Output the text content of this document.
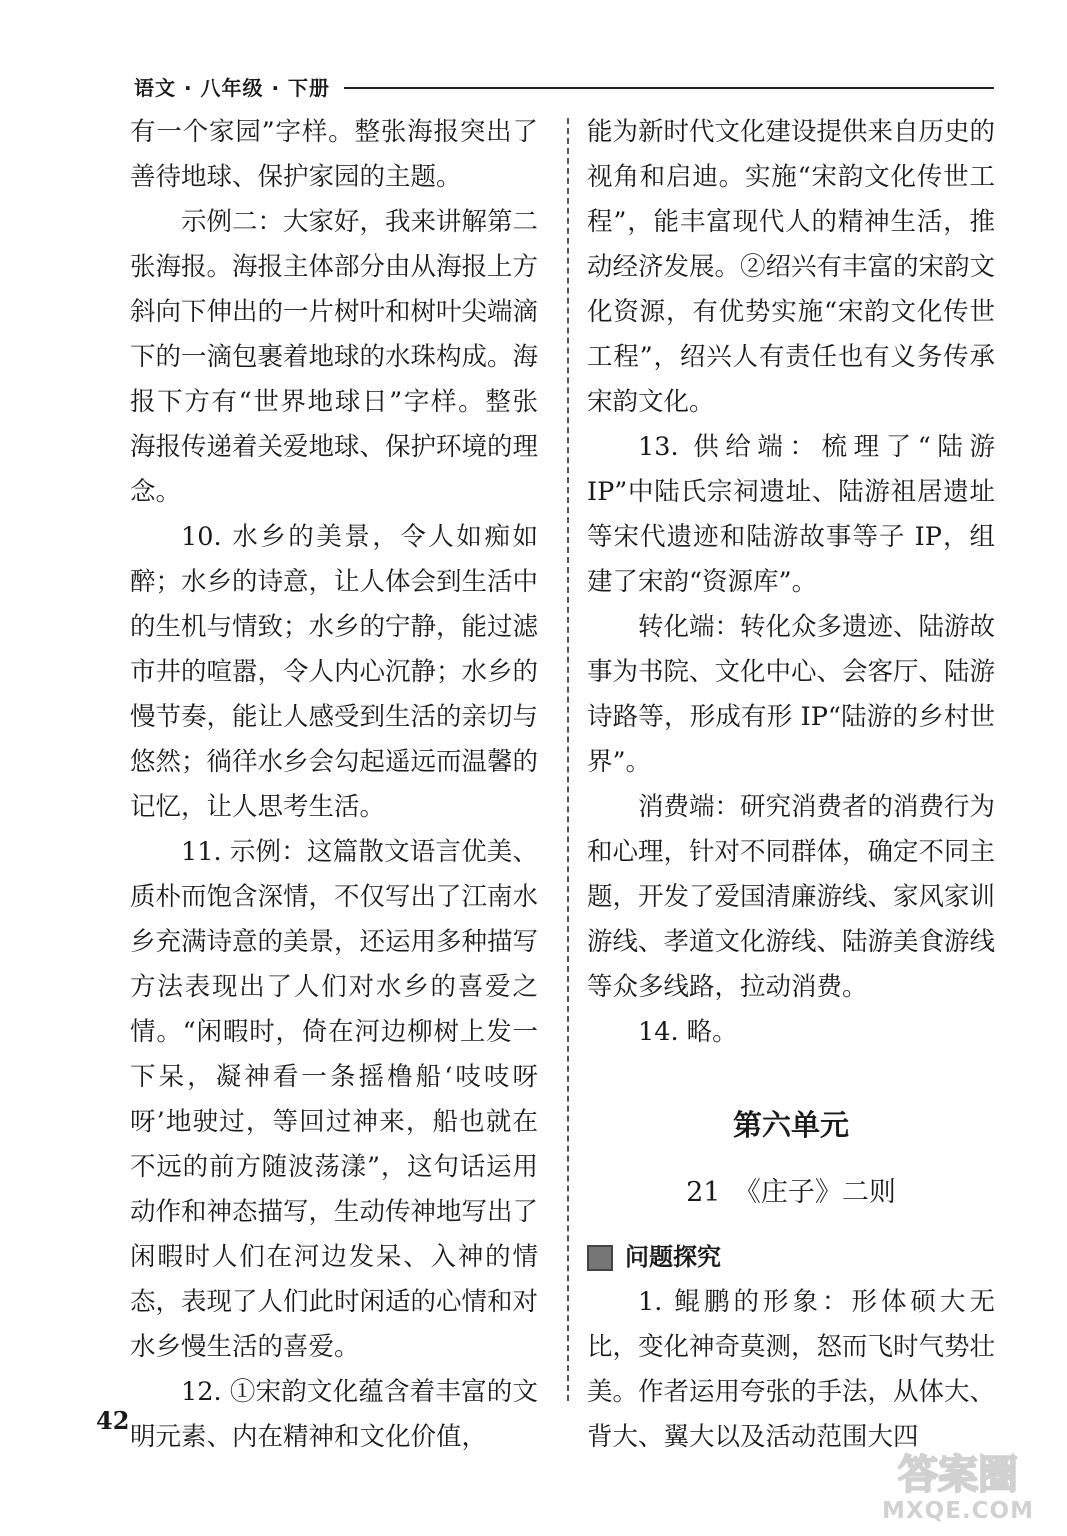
语文 · 八年级 · 下册

有一个家园”字样。整张海报突出了善待地球、保护家园的主题。

示例二：大家好，我来讲解第二张海报。海报主体部分由从海报上方斜向下伸出的一片树叶和树叶尖端滴下的一滴包裹着地球的水珠构成。海报下方有“世界地球日”字样。整张海报传递着关爱地球、保护环境的理念。

10. 水乡的美景，令人如痴如醉；水乡的诗意，让人体会到生活中的生机与情致；水乡的宁静，能过滤市井的喧嚣，令人内心沉静；水乡的慢节奏，能让人感受到生活的亲切与悠然；徜徉水乡会勾起遥远而温馨的记忆，让人思考生活。

11. 示例：这篇散文语言优美、质朴而饱含深情，不仅写出了江南水乡充满诗意的美景，还运用多种描写方法表现出了人们对水乡的喜爱之情。“闲暇时，倚在河边柳树上发一下呆，凝神看一条摇橹船‘吱吱呀呀’地驶过，等回过神来，船也就在不远的前方随波荡漾”，这句话运用动作和神态描写，生动传神地写出了闲暇时人们在河边发呆、入神的情态，表现了人们此时闲适的心情和对水乡慢生活的喜爱。

12. ①宋韵文化蕴含着丰富的文明元素、内在精神和文化价值，

能为新时代文化建设提供来自历史的视角和启迪。实施“宋韵文化传世工程”，能丰富现代人的精神生活，推动经济发展。②绍兴有丰富的宋韵文化资源，有优势实施“宋韵文化传世工程”，绍兴人有责任也有义务传承宋韵文化。

13. 供给端：梳理了“陆游 IP”中陆氏宗祠遗址、陆游祖居遗址等宋代遗迹和陆游故事等子 IP，组建了宋韵“资源库”。

转化端：转化众多遗迹、陆游故事为书院、文化中心、会客厅、陆游诗路等，形成有形 IP“陆游的乡村世界”。

消费端：研究消费者的消费行为和心理，针对不同群体，确定不同主题，开发了爱国清廉游线、家风家训游线、孝道文化游线、陆游美食游线等众多线路，拉动消费。

14. 略。

第六单元
21　《庄子》二则
问题探究

1. 鲲鹏的形象：形体硕大无比，变化神奇莫测，怒而飞时气势壮美。作者运用夸张的手法，从体大、背大、翼大以及活动范围大四

42
答案圈
MXQE.COM
